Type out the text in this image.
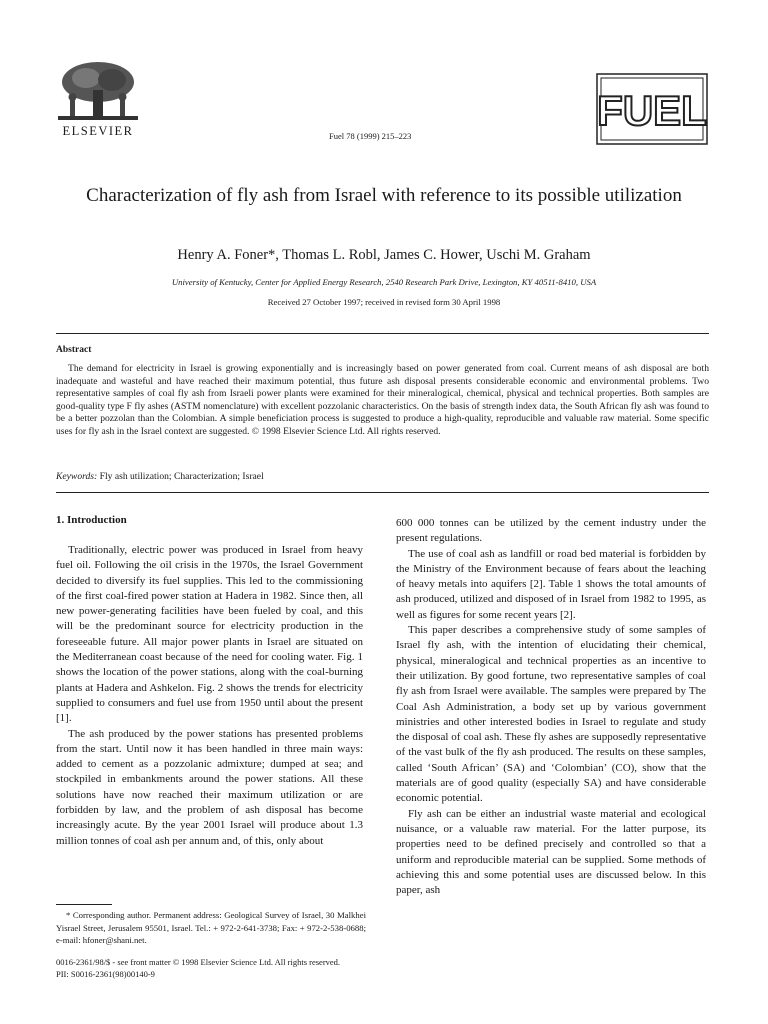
ELSEVIER	Fuel 78 (1999) 215–223
FUEL
Characterization of fly ash from Israel with reference to its possible utilization
Henry A. Foner*, Thomas L. Robl, James C. Hower, Uschi M. Graham
University of Kentucky, Center for Applied Energy Research, 2540 Research Park Drive, Lexington, KY 40511-8410, USA
Received 27 October 1997; received in revised form 30 April 1998
Abstract
The demand for electricity in Israel is growing exponentially and is increasingly based on power generated from coal. Current means of ash disposal are both inadequate and wasteful and have reached their maximum potential, thus future ash disposal presents considerable economic and environmental problems. Two representative samples of coal fly ash from Israeli power plants were examined for their mineralogical, chemical, physical and technical properties. Both samples are good-quality type F fly ashes (ASTM nomenclature) with excellent pozzolanic characteristics. On the basis of strength index data, the South African fly ash was found to be a better pozzolan than the Colombian. A simple beneficiation process is suggested to produce a high-quality, reproducible and valuable raw material. Some specific uses for fly ash in the Israel context are suggested. © 1998 Elsevier Science Ltd. All rights reserved.
Keywords: Fly ash utilization; Characterization; Israel
1. Introduction

Traditionally, electric power was produced in Israel from heavy fuel oil. Following the oil crisis in the 1970s, the Israel Government decided to diversify its fuel supplies. This led to the commissioning of the first coal-fired power station at Hadera in 1982. Since then, all new power-generating facilities have been fueled by coal, and this will be the predominant source for electricity production in the foreseeable future. All major power plants in Israel are situated on the Mediterranean coast because of the need for cooling water. Fig. 1 shows the location of the power stations, along with the coal-burning plants at Hadera and Ashkelon. Fig. 2 shows the trends for electricity supplied to consumers and fuel use from 1950 until about the present [1].

The ash produced by the power stations has presented problems from the start. Until now it has been handled in three main ways: added to cement as a pozzolanic admixture; dumped at sea; and stockpiled in embankments around the power stations. All these solutions have now reached their maximum utilization or are forbidden by law, and the problem of ash disposal has become increasingly acute. By the year 2001 Israel will produce about 1.3 million tonnes of coal ash per annum and, of this, only about

600 000 tonnes can be utilized by the cement industry under the present regulations.

The use of coal ash as landfill or road bed material is forbidden by the Ministry of the Environment because of fears about the leaching of heavy metals into aquifers [2]. Table 1 shows the total amounts of ash produced, utilized and disposed of in Israel from 1982 to 1995, as well as figures for some recent years [2].

This paper describes a comprehensive study of some samples of Israel fly ash, with the intention of elucidating their chemical, physical, mineralogical and technical properties as an incentive to their utilization. By good fortune, two representative samples of coal fly ash from Israel were available. The samples were prepared by The Coal Ash Administration, a body set up by various government ministries and other interested bodies in Israel to regulate and study the disposal of coal ash. These fly ashes are supposedly representative of the vast bulk of the fly ash produced. The results on these samples, called ‘South African’ (SA) and ‘Colombian’ (CO), show that the materials are of good quality (especially SA) and have considerable economic potential.

Fly ash can be either an industrial waste material and ecological nuisance, or a valuable raw material. For the latter purpose, its properties need to be defined precisely and controlled so that a uniform and reproducible material can be supplied. Some methods of achieving this and some potential uses are discussed below. In this paper, ash

* Corresponding author. Permanent address: Geological Survey of Israel, 30 Malkhei Yisrael Street, Jerusalem 95501, Israel. Tel.: + 972-2-641-3738; Fax: + 972-2-538-0688; e-mail: hfoner@shani.net.
0016-2361/98/$ - see front matter © 1998 Elsevier Science Ltd. All rights reserved.
PII: S0016-2361(98)00140-9
